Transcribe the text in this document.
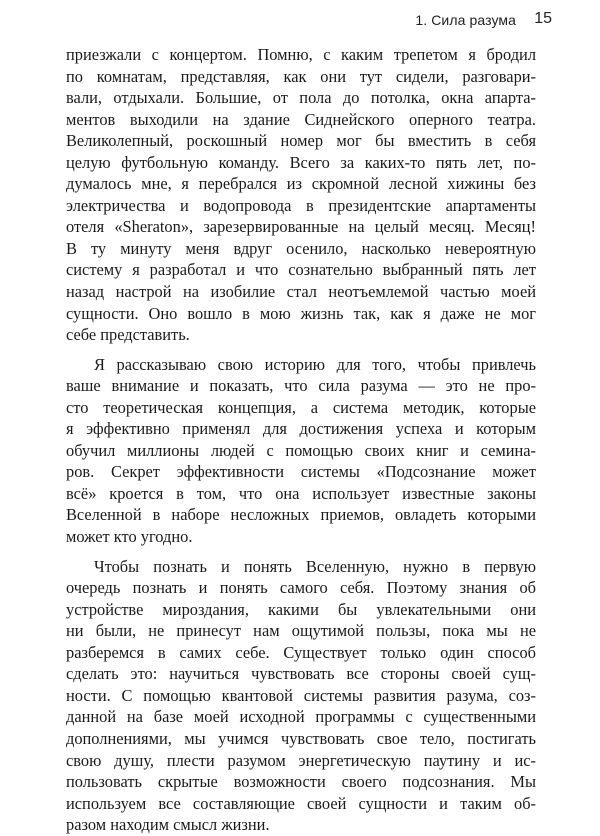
1. Сила разума 15
приезжали с концертом. Помню, с каким трепетом я бродил
по комнатам, представляя, как они тут сидели, разговари-
вали, отдыхали. Большие, от пола до потолка, окна апарта-
ментов выходили на здание Сиднейского оперного театра.
Великолепный, роскошный номер мог бы вместить в себя
целую футбольную команду. Всего за каких-то пять лет, по-
думалось мне, я перебрался из скромной лесной хижины без
электричества и водопровода в президентские апартаменты
отеля «Sheraton», зарезервированные на целый месяц. Месяц!
В ту минуту меня вдруг осенило, насколько невероятную
систему я разработал и что сознательно выбранный пять лет
назад настрой на изобилие стал неотъемлемой частью моей
сущности. Оно вошло в мою жизнь так, как я даже не мог
себе представить.
Я рассказываю свою историю для того, чтобы привлечь
ваше внимание и показать, что сила разума — это не про-
сто теоретическая концепция, а система методик, которые
я эффективно применял для достижения успеха и которым
обучил миллионы людей с помощью своих книг и семина-
ров. Секрет эффективности системы «Подсознание может
всё» кроется в том, что она использует известные законы
Вселенной в наборе несложных приемов, овладеть которыми
может кто угодно.
Чтобы познать и понять Вселенную, нужно в первую
очередь познать и понять самого себя. Поэтому знания об
устройстве мироздания, какими бы увлекательными они
ни были, не принесут нам ощутимой пользы, пока мы не
разберемся в самих себе. Существует только один способ
сделать это: научиться чувствовать все стороны своей сущ-
ности. С помощью квантовой системы развития разума, соз-
данной на базе моей исходной программы с существенными
дополнениями, мы учимся чувствовать свое тело, постигать
свою душу, плести разумом энергетическую паутину и ис-
пользовать скрытые возможности своего подсознания. Мы
используем все составляющие своей сущности и таким об-
разом находим смысл жизни.
